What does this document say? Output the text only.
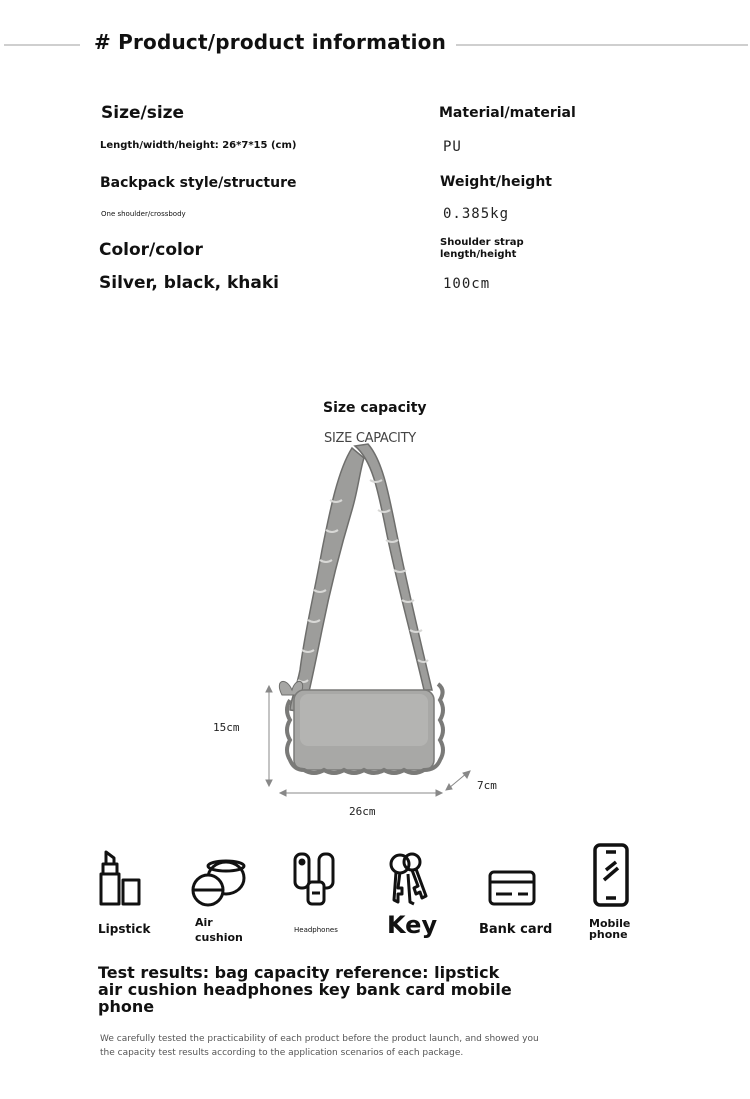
# Product/product information
Size/size
Length/width/height: 26*7*15 (cm)
Backpack style/structure
One shoulder/crossbody
Color/color
Silver, black, khaki
Material/material
PU
Weight/height
0.385kg
Shoulder strap
length/height
100cm
Size capacity
SIZE CAPACITY
15cm
26cm
7cm
Lipstick	Air
cushion
Headphones Key	Bank card	Mobile
phone
Test results: bag capacity reference: lipstick air cushion headphones key bank card mobile phone
We carefully tested the practicability of each product before the product launch, and showed you the capacity test results according to the application scenarios of each package.
